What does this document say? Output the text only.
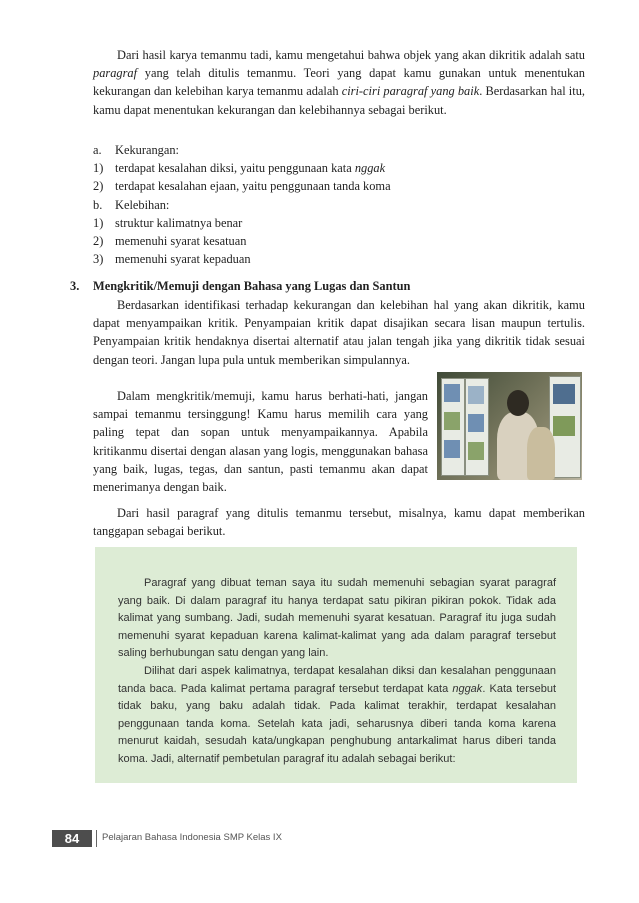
Dari hasil karya temanmu tadi, kamu mengetahui bahwa objek yang akan dikritik adalah satu paragraf yang telah ditulis temanmu. Teori yang dapat kamu gunakan untuk menentukan kekurangan dan kelebihan karya temanmu adalah ciri-ciri paragraf yang baik. Berdasarkan hal itu, kamu dapat menentukan kekurangan dan kelebihannya sebagai berikut.
a.	Kekurangan:
1) terdapat kesalahan diksi, yaitu penggunaan kata nggak
2) terdapat kesalahan ejaan, yaitu penggunaan tanda koma
b.	Kelebihan:
1) struktur kalimatnya benar
2) memenuhi syarat kesatuan
3) memenuhi syarat kepaduan
3. Mengkritik/Memuji dengan Bahasa yang Lugas dan Santun
Berdasarkan identifikasi terhadap kekurangan dan kelebihan hal yang akan dikritik, kamu dapat menyampaikan kritik. Penyampaian kritik dapat disajikan secara lisan maupun tertulis. Penyampaian kritik hendaknya disertai alternatif atau jalan tengah jika yang dikritik tidak sesuai dengan teori. Jangan lupa pula untuk memberikan simpulannya.
Dalam mengkritik/memuji, kamu harus berhati-hati, jangan sampai temanmu tersinggung! Kamu harus memilih cara yang paling tepat dan sopan untuk menyampaikannya. Apabila kritikanmu disertai dengan alasan yang logis, menggunakan bahasa yang baik, lugas, tegas, dan santun, pasti temanmu akan dapat menerimanya dengan baik.
Dari hasil paragraf yang ditulis temanmu tersebut, misalnya, kamu dapat memberikan tanggapan sebagai berikut.
Paragraf yang dibuat teman saya itu sudah memenuhi sebagian syarat paragraf yang baik. Di dalam paragraf itu hanya terdapat satu pikiran pikiran pokok. Tidak ada kalimat yang sumbang. Jadi, sudah memenuhi syarat kesatuan. Paragraf itu juga sudah memenuhi syarat kepaduan karena kalimat-kalimat yang ada dalam paragraf tersebut saling berhubungan satu dengan yang lain.
Dilihat dari aspek kalimatnya, terdapat kesalahan diksi dan kesalahan penggunaan tanda baca. Pada kalimat pertama paragraf tersebut terdapat kata nggak. Kata tersebut tidak baku, yang baku adalah tidak. Pada kalimat terakhir, terdapat kesalahan penggunaan tanda koma. Setelah kata jadi, seharusnya diberi tanda koma karena menurut kaidah, sesudah kata/ungkapan penghubung antarkalimat harus diberi tanda koma. Jadi, alternatif pembetulan paragraf itu adalah sebagai berikut:
84	Pelajaran Bahasa Indonesia SMP Kelas IX
